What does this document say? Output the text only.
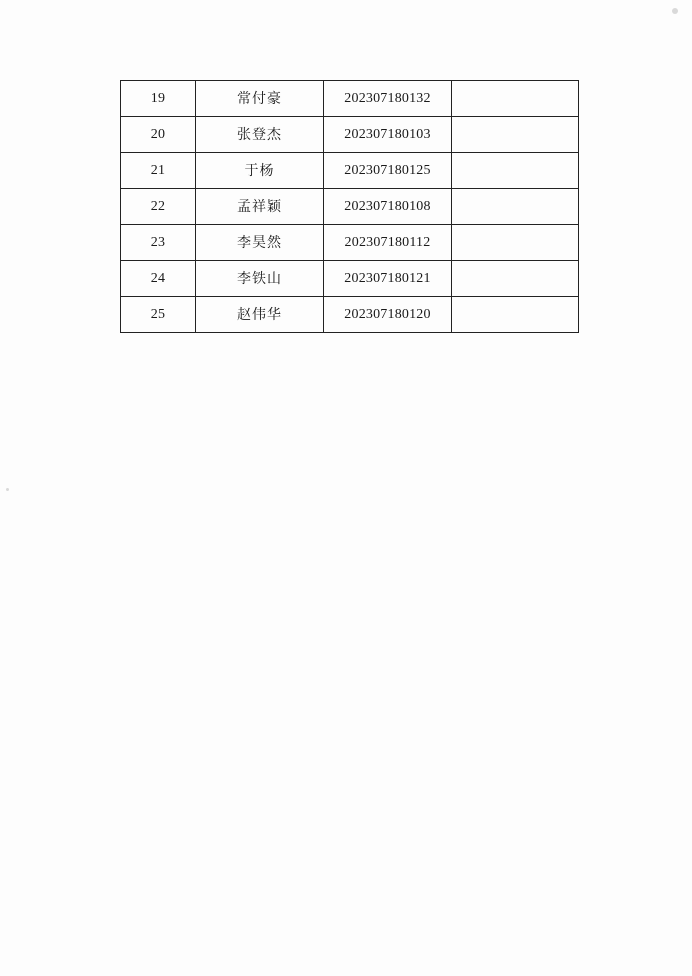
19	常付豪	202307180132	
20	张登杰	202307180103	
21	于杨	202307180125	
22	孟祥颖	202307180108	
23	李昊然	202307180112	
24	李铁山	202307180121	
25	赵伟华	202307180120	
